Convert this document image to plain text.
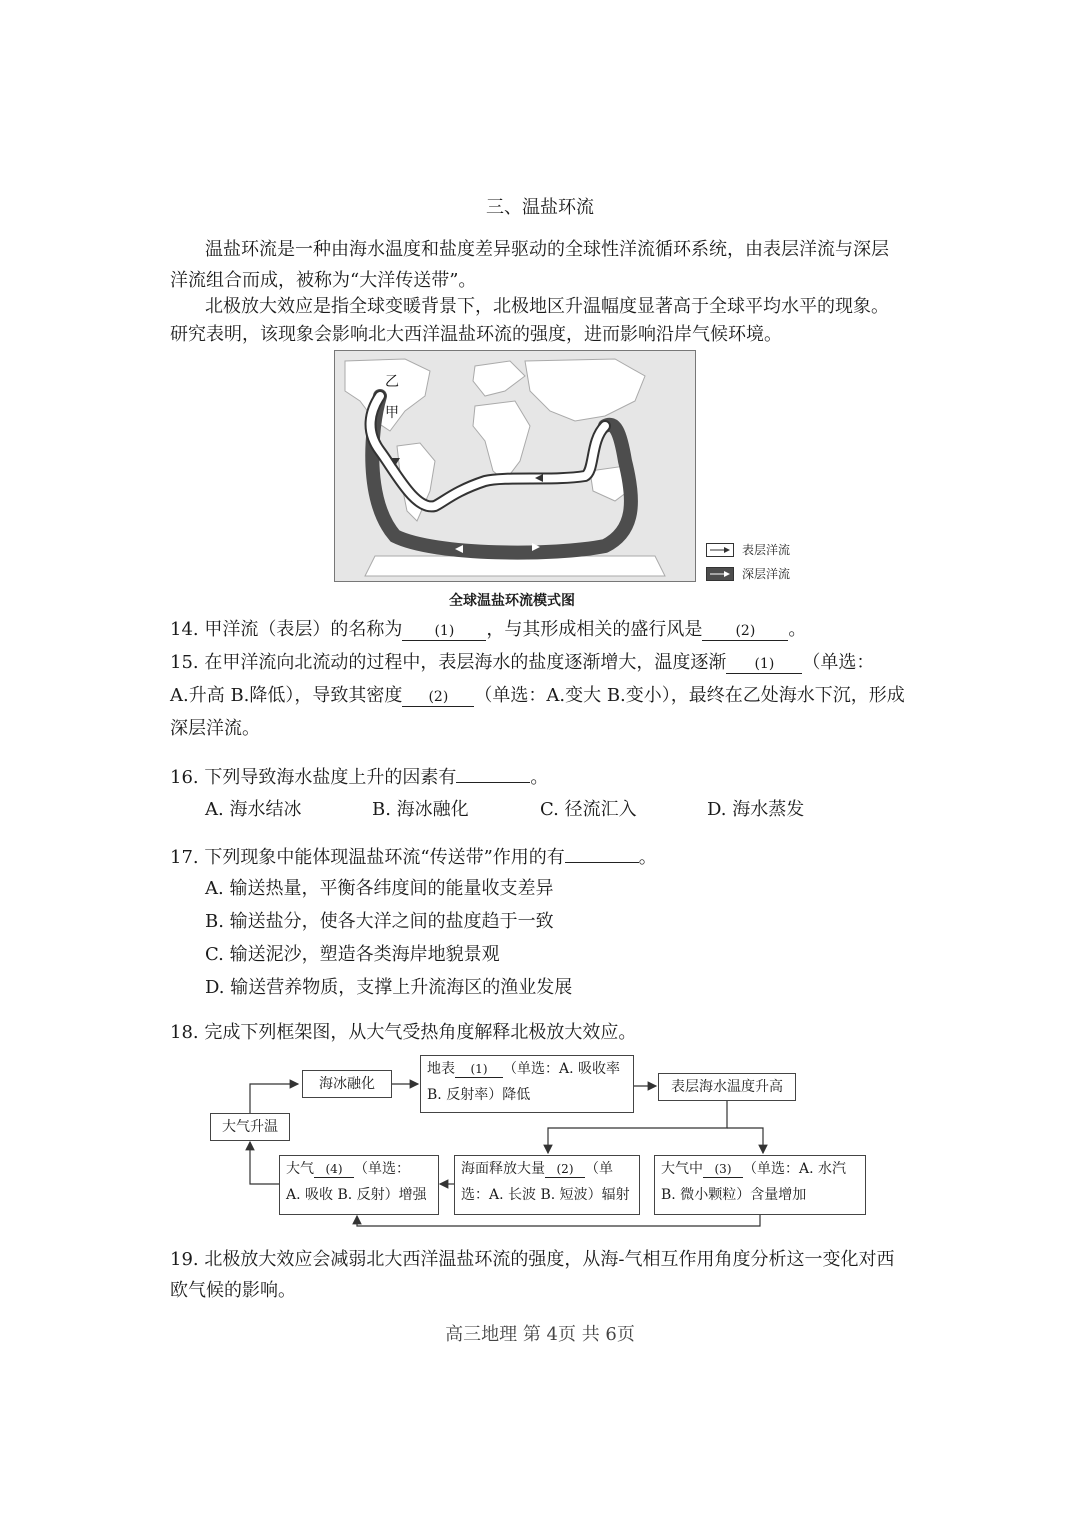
三、温盐环流
温盐环流是一种由海水温度和盐度差异驱动的全球性洋流循环系统，由表层洋流与深层
洋流组合而成，被称为“大洋传送带”。
北极放大效应是指全球变暖背景下，北极地区升温幅度显著高于全球平均水平的现象。
研究表明，该现象会影响北大西洋温盐环流的强度，进而影响沿岸气候环境。
乙
甲
表层洋流
深层洋流
全球温盐环流模式图
14. 甲洋流（表层）的名称为 (1) ，与其形成相关的盛行风是 (2) 。
15. 在甲洋流向北流动的过程中，表层海水的盐度逐渐增大，温度逐渐 (1) （单选：
A.升高 B.降低），导致其密度 (2) （单选：A.变大 B.变小），最终在乙处海水下沉，形成
深层洋流。
16. 下列导致海水盐度上升的因素有	。
A. 海水结冰	B. 海冰融化	C. 径流汇入	D. 海水蒸发
17. 下列现象中能体现温盐环流“传送带”作用的有	。
A. 输送热量，平衡各纬度间的能量收支差异
B. 输送盐分，使各大洋之间的盐度趋于一致
C. 输送泥沙，塑造各类海岸地貌景观
D. 输送营养物质，支撑上升流海区的渔业发展
18. 完成下列框架图，从大气受热角度解释北极放大效应。
大气升温
海冰融化
地表 (1) （单选：A. 吸收率
B. 反射率）降低	表层海水温度升高
大气 (4) （单选：
A. 吸收 B. 反射）增强
海面释放大量 (2) （单
选：A. 长波 B. 短波）辐射
大气中 (3) （单选：A. 水汽
B. 微小颗粒）含量增加
19. 北极放大效应会减弱北大西洋温盐环流的强度，从海-气相互作用角度分析这一变化对西
欧气候的影响。
高三地理 第 4页 共 6页
